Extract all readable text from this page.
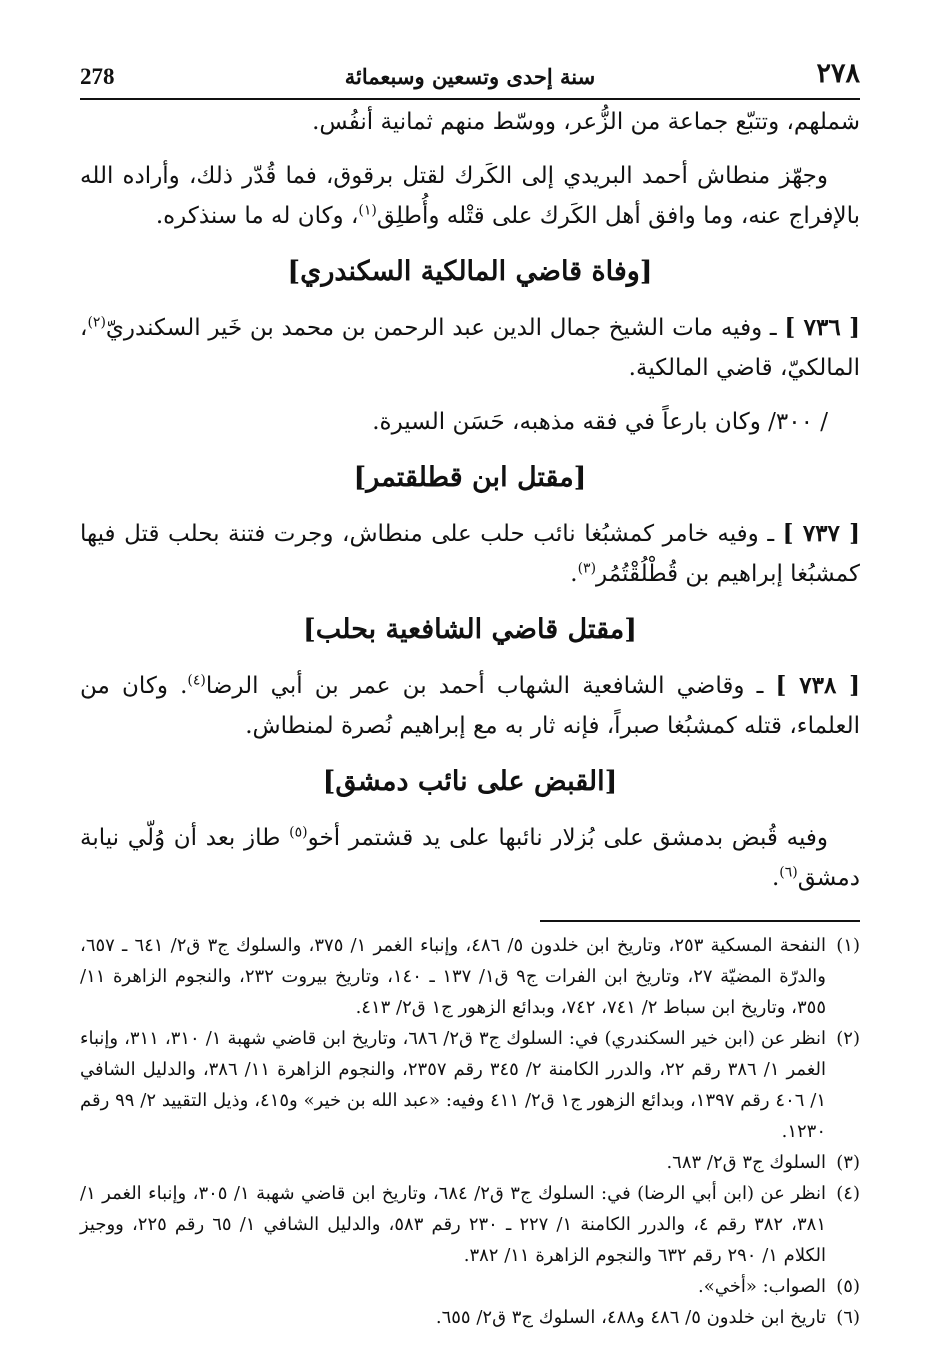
278	سنة إحدى وتسعين وسبعمائة	٢٧٨

شملهم، وتتبّع جماعة من الزُّعر، ووسّط منهم ثمانية أنفُس.

وجهّز منطاش أحمد البريدي إلى الكَرك لقتل برقوق، فما قُدّر ذلك، وأراده الله بالإفراج عنه، وما وافق أهل الكَرك على قتْله وأُطلِق$^{(١)}$، وكان له ما سنذكره.

[وفاة قاضي المالكية السكندري]

[ ٧٣٦ ] ـ وفيه مات الشيخ جمال الدين عبد الرحمن بن محمد بن خَير السكندريّ$^{(٢)}$، المالكيّ، قاضي المالكية.

/ ٣٠٠/ وكان بارعاً في فقه مذهبه، حَسَن السيرة.

[مقتل ابن قطلقتمر]

[ ٧٣٧ ] ـ وفيه خامر كمشبُغا نائب حلب على منطاش، وجرت فتنة بحلب قتل فيها كمشبُغا إبراهيم بن قُطْلُقْتُمُر$^{(٣)}$.

[مقتل قاضي الشافعية بحلب]

[ ٧٣٨ ] ـ وقاضي الشافعية الشهاب أحمد بن عمر بن أبي الرضا$^{(٤)}$. وكان من العلماء، قتله كمشبُغا صبراً، فإنه ثار به مع إبراهيم نُصرة لمنطاش.

[القبض على نائب دمشق]

وفيه قُبض بدمشق على بُزلار نائبها على يد قشتمر أخو$^{(٥)}$ طاز بعد أن وُلّي نيابة دمشق$^{(٦)}$.

(١)
النفحة المسكية ٢٥٣، وتاريخ ابن خلدون ٥/ ٤٨٦، وإنباء الغمر ١/ ٣٧٥، والسلوك ج٣ ق٢/ ٦٤١ ـ ٦٥٧، والدرّة المضيّة ٢٧، وتاريخ ابن الفرات ج٩ ق١/ ١٣٧ ـ ١٤٠، وتاريخ بيروت ٢٣٢، والنجوم الزاهرة ١١/ ٣٥٥، وتاريخ ابن سباط ٢/ ٧٤١، ٧٤٢، وبدائع الزهور ج١ ق٢/ ٤١٣.
(٢)
انظر عن (ابن خير السكندري) في: السلوك ج٣ ق٢/ ٦٨٦، وتاريخ ابن قاضي شهبة ١/ ٣١٠، ٣١١، وإنباء الغمر ١/ ٣٨٦ رقم ٢٢، والدرر الكامنة ٢/ ٣٤٥ رقم ٢٣٥٧، والنجوم الزاهرة ١١/ ٣٨٦، والدليل الشافي ١/ ٤٠٦ رقم ١٣٩٧، وبدائع الزهور ج١ ق٢/ ٤١١ وفيه: «عبد الله بن خير» و٤١٥، وذيل التقييد ٢/ ٩٩ رقم ١٢٣٠.
(٣)
السلوك ج٣ ق٢/ ٦٨٣.
(٤)
انظر عن (ابن أبي الرضا) في: السلوك ج٣ ق٢/ ٦٨٤، وتاريخ ابن قاضي شهبة ١/ ٣٠٥، وإنباء الغمر ١/ ٣٨١، ٣٨٢ رقم ٤، والدرر الكامنة ١/ ٢٢٧ ـ ٢٣٠ رقم ٥٨٣، والدليل الشافي ١/ ٦٥ رقم ٢٢٥، ووجيز الكلام ١/ ٢٩٠ رقم ٦٣٢ والنجوم الزاهرة ١١/ ٣٨٢.
(٥)
الصواب: «أخي».
(٦)
تاريخ ابن خلدون ٥/ ٤٨٦ و٤٨٨، السلوك ج٣ ق٢/ ٦٥٥.
